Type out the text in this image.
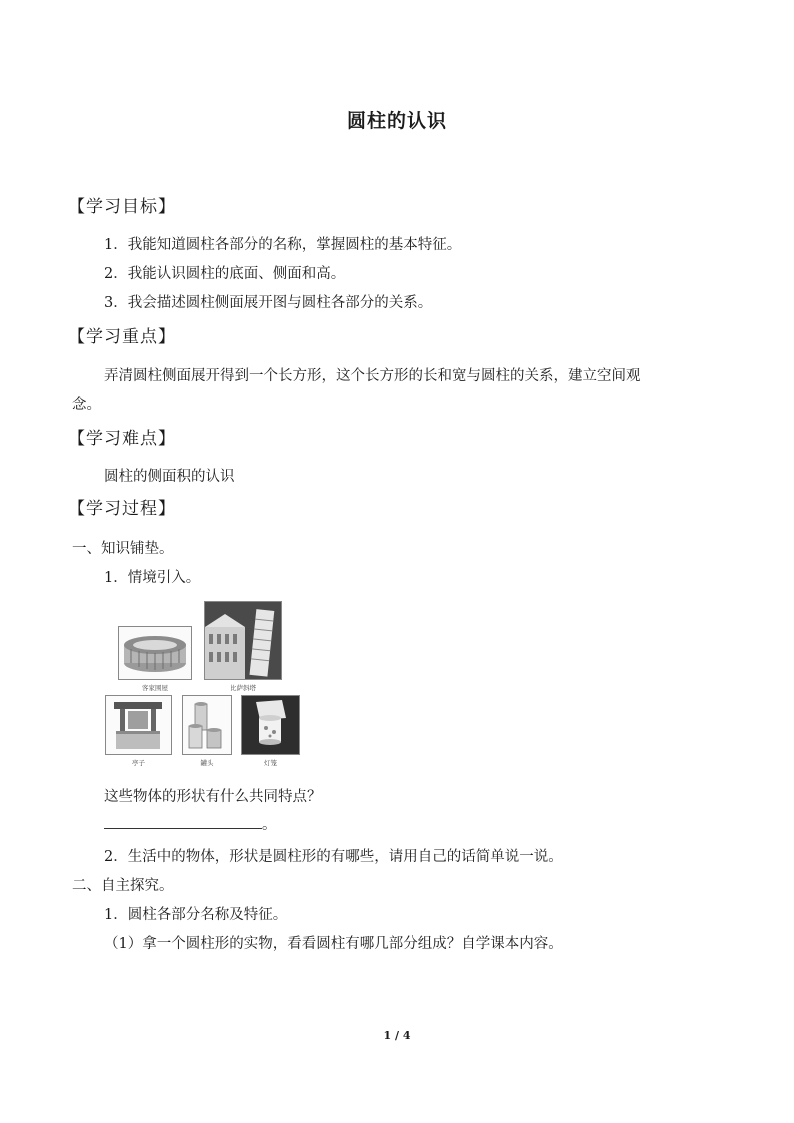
圆柱的认识
【学习目标】
1．我能知道圆柱各部分的名称，掌握圆柱的基本特征。
2．我能认识圆柱的底面、侧面和高。
3．我会描述圆柱侧面展开图与圆柱各部分的关系。
【学习重点】
弄清圆柱侧面展开得到一个长方形，这个长方形的长和宽与圆柱的关系，建立空间观
念。
【学习难点】
圆柱的侧面积的认识
【学习过程】
一、知识铺垫。
1．情境引入。
客家围屋	比萨斜塔
亭子	罐头	灯笼
这些物体的形状有什么共同特点？
。
2．生活中的物体，形状是圆柱形的有哪些，请用自己的话简单说一说。
二、自主探究。
1．圆柱各部分名称及特征。
（1）拿一个圆柱形的实物，看看圆柱有哪几部分组成？自学课本内容。
1 / 4
